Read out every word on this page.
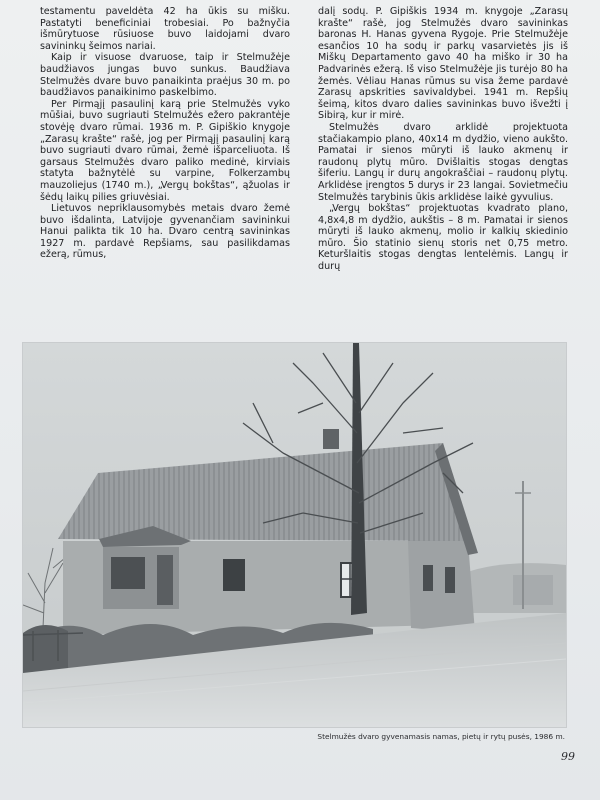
testamentu paveldėta 42 ha ūkis su mišku. Pastatyti beneficiniai trobesiai. Po bažnyčia išmūrytuose rūsiuose buvo laidojami dvaro savininkų šeimos nariai.

Kaip ir visuose dvaruose, taip ir Stelmužėje baudžiavos jungas buvo sunkus. Baudžiava Stelmužės dvare buvo panaikinta praėjus 30 m. po baudžiavos panaikinimo paskelbimo.

Per Pirmąjį pasaulinį karą prie Stelmužės vyko mūšiai, buvo sugriauti Stelmužės ežero pakrantėje stovėję dvaro rūmai. 1936 m. P. Gipiškio knygoje „Zarasų krašte“ rašė, jog per Pirmąjį pasaulinį karą buvo sugriauti dvaro rūmai, žemė išparceliuota. Iš garsaus Stelmužės dvaro paliko medinė, kirviais statyta bažnytėlė su varpine, Folkerzambų mauzoliejus (1740 m.), „Vergų bokštas“, ąžuolas ir šėdų laikų pilies griuvėsiai.

Lietuvos nepriklausomybės metais dvaro žemė buvo išdalinta, Latvijoje gyvenančiam savininkui Hanui palikta tik 10 ha. Dvaro centrą savininkas 1927 m. pardavė Repšiams, sau pasilikdamas ežerą, rūmus,

dalį sodų. P. Gipiškis 1934 m. knygoje „Zarasų krašte“ rašė, jog Stelmužės dvaro savininkas baronas H. Hanas gyvena Rygoje. Prie Stelmužėje esančios 10 ha sodų ir parkų vasarvietės jis iš Miškų Departamento gavo 40 ha miško ir 30 ha Padvarinės ežerą. Iš viso Stelmužėje jis turėjo 80 ha žemės. Vėliau Hanas rūmus su visa žeme pardavė Zarasų apskrities savivaldybei. 1941 m. Repšių šeimą, kitos dvaro dalies savininkas buvo išvežti į Sibirą, kur ir mirė.

Stelmužės dvaro arklidė projektuota stačiakampio plano, 40x14 m dydžio, vieno aukšto. Pamatai ir sienos mūryti iš lauko akmenų ir raudonų plytų mūro. Dvišlaitis stogas dengtas šiferiu. Langų ir durų angokraščiai – raudonų plytų. Arklidėse įrengtos 5 durys ir 23 langai. Sovietmečiu Stelmužės tarybinis ūkis arklidėse laikė gyvulius.

„Vergų bokštas“ projektuotas kvadrato plano, 4,8x4,8 m dydžio, aukštis – 8 m. Pamatai ir sienos mūryti iš lauko akmenų, molio ir kalkių skiedinio mūro. Šio statinio sienų storis net 0,75 metro. Keturšlaitis stogas dengtas lentelėmis. Langų ir durų

Stelmužės dvaro gyvenamasis namas, pietų ir rytų pusės, 1986 m.
99
